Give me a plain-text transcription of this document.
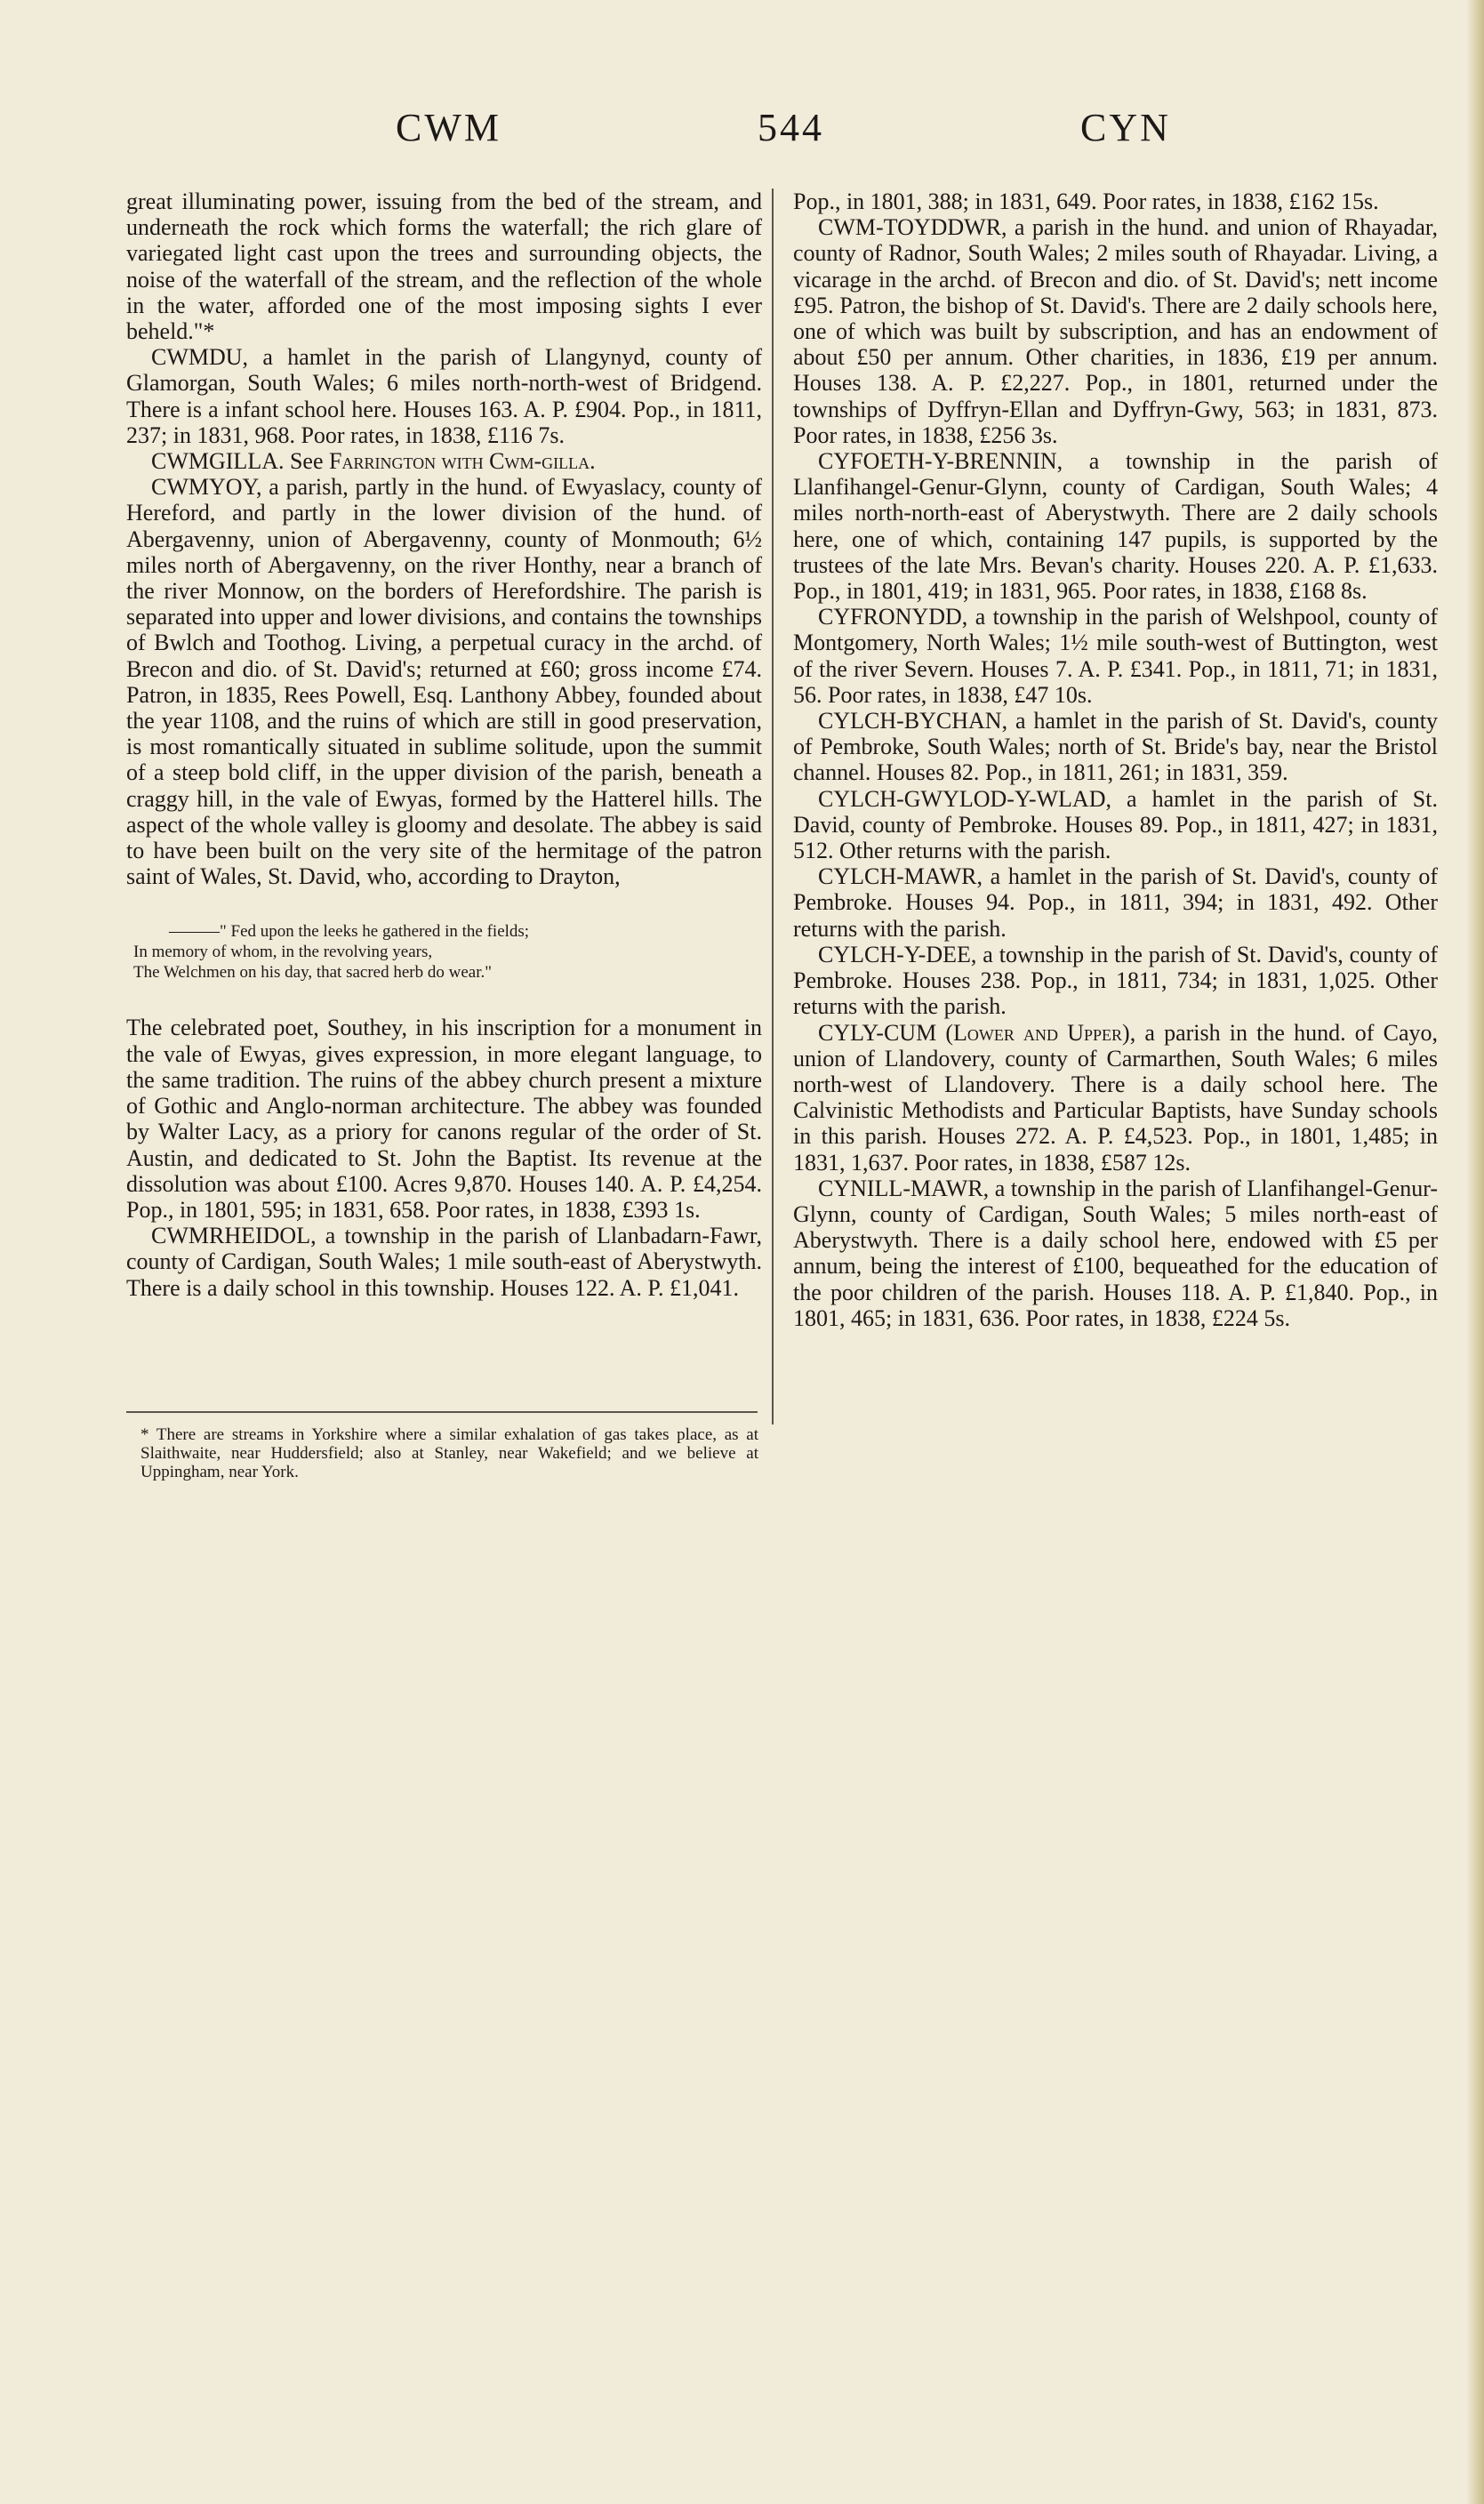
CWM	544	CYN

great illuminating power, issuing from the bed of the stream, and underneath the rock which forms the waterfall; the rich glare of variegated light cast upon the trees and surrounding objects, the noise of the waterfall of the stream, and the reflection of the whole in the water, afforded one of the most imposing sights I ever beheld."*

CWMDU, a hamlet in the parish of Llangynyd, county of Glamorgan, South Wales; 6 miles north-north-west of Bridgend. There is a infant school here. Houses 163. A. P. £904. Pop., in 1811, 237; in 1831, 968. Poor rates, in 1838, £116 7s.

CWMGILLA. See Farrington with Cwm-gilla.

CWMYOY, a parish, partly in the hund. of Ewyaslacy, county of Hereford, and partly in the lower division of the hund. of Abergavenny, union of Abergavenny, county of Monmouth; 6½ miles north of Abergavenny, on the river Honthy, near a branch of the river Monnow, on the borders of Herefordshire. The parish is separated into upper and lower divisions, and contains the townships of Bwlch and Toothog. Living, a perpetual curacy in the archd. of Brecon and dio. of St. David's; returned at £60; gross income £74. Patron, in 1835, Rees Powell, Esq. Lanthony Abbey, founded about the year 1108, and the ruins of which are still in good preservation, is most romantically situated in sublime solitude, upon the summit of a steep bold cliff, in the upper division of the parish, beneath a craggy hill, in the vale of Ewyas, formed by the Hatterel hills. The aspect of the whole valley is gloomy and desolate. The abbey is said to have been built on the very site of the hermitage of the patron saint of Wales, St. David, who, according to Drayton,

———" Fed upon the leeks he gathered in the fields;
In memory of whom, in the revolving years,
The Welchmen on his day, that sacred herb do wear."

The celebrated poet, Southey, in his inscription for a monument in the vale of Ewyas, gives expression, in more elegant language, to the same tradition. The ruins of the abbey church present a mixture of Gothic and Anglo-norman architecture. The abbey was founded by Walter Lacy, as a priory for canons regular of the order of St. Austin, and dedicated to St. John the Baptist. Its revenue at the dissolution was about £100. Acres 9,870. Houses 140. A. P. £4,254. Pop., in 1801, 595; in 1831, 658. Poor rates, in 1838, £393 1s.

CWMRHEIDOL, a township in the parish of Llanbadarn-Fawr, county of Cardigan, South Wales; 1 mile south-east of Aberystwyth. There is a daily school in this township. Houses 122. A. P. £1,041.

* There are streams in Yorkshire where a similar exhalation of gas takes place, as at Slaithwaite, near Huddersfield; also at Stanley, near Wakefield; and we believe at Uppingham, near York.

Pop., in 1801, 388; in 1831, 649. Poor rates, in 1838, £162 15s.

CWM-TOYDDWR, a parish in the hund. and union of Rhayadar, county of Radnor, South Wales; 2 miles south of Rhayadar. Living, a vicarage in the archd. of Brecon and dio. of St. David's; nett income £95. Patron, the bishop of St. David's. There are 2 daily schools here, one of which was built by subscription, and has an endowment of about £50 per annum. Other charities, in 1836, £19 per annum. Houses 138. A. P. £2,227. Pop., in 1801, returned under the townships of Dyffryn-Ellan and Dyffryn-Gwy, 563; in 1831, 873. Poor rates, in 1838, £256 3s.

CYFOETH-Y-BRENNIN, a township in the parish of Llanfihangel-Genur-Glynn, county of Cardigan, South Wales; 4 miles north-north-east of Aberystwyth. There are 2 daily schools here, one of which, containing 147 pupils, is supported by the trustees of the late Mrs. Bevan's charity. Houses 220. A. P. £1,633. Pop., in 1801, 419; in 1831, 965. Poor rates, in 1838, £168 8s.

CYFRONYDD, a township in the parish of Welshpool, county of Montgomery, North Wales; 1½ mile south-west of Buttington, west of the river Severn. Houses 7. A. P. £341. Pop., in 1811, 71; in 1831, 56. Poor rates, in 1838, £47 10s.

CYLCH-BYCHAN, a hamlet in the parish of St. David's, county of Pembroke, South Wales; north of St. Bride's bay, near the Bristol channel. Houses 82. Pop., in 1811, 261; in 1831, 359.

CYLCH-GWYLOD-Y-WLAD, a hamlet in the parish of St. David, county of Pembroke. Houses 89. Pop., in 1811, 427; in 1831, 512. Other returns with the parish.

CYLCH-MAWR, a hamlet in the parish of St. David's, county of Pembroke. Houses 94. Pop., in 1811, 394; in 1831, 492. Other returns with the parish.

CYLCH-Y-DEE, a township in the parish of St. David's, county of Pembroke. Houses 238. Pop., in 1811, 734; in 1831, 1,025. Other returns with the parish.

CYLY-CUM (Lower and Upper), a parish in the hund. of Cayo, union of Llandovery, county of Carmarthen, South Wales; 6 miles north-west of Llandovery. There is a daily school here. The Calvinistic Methodists and Particular Baptists, have Sunday schools in this parish. Houses 272. A. P. £4,523. Pop., in 1801, 1,485; in 1831, 1,637. Poor rates, in 1838, £587 12s.

CYNILL-MAWR, a township in the parish of Llanfihangel-Genur-Glynn, county of Cardigan, South Wales; 5 miles north-east of Aberystwyth. There is a daily school here, endowed with £5 per annum, being the interest of £100, bequeathed for the education of the poor children of the parish. Houses 118. A. P. £1,840. Pop., in 1801, 465; in 1831, 636. Poor rates, in 1838, £224 5s.
